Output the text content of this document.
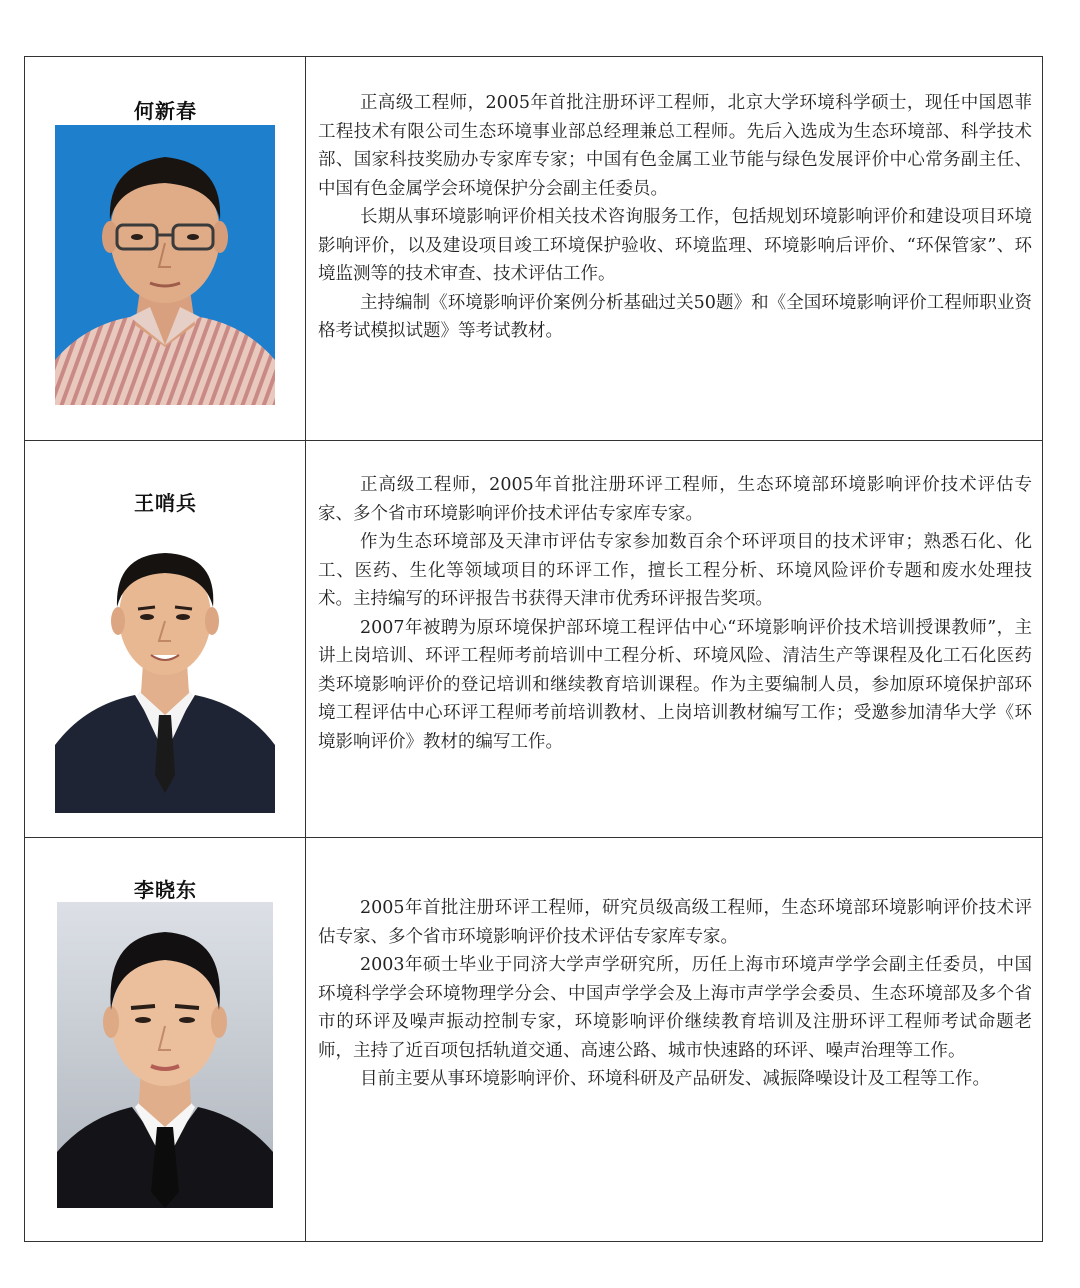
何新春	正高级工程师，2005年首批注册环评工程师，北京大学环境科学硕士，现任中国恩菲工程技术有限公司生态环境事业部总经理兼总工程师。先后入选成为生态环境部、科学技术部、国家科技奖励办专家库专家；中国有色金属工业节能与绿色发展评价中心常务副主任、中国有色金属学会环境保护分会副主任委员。

长期从事环境影响评价相关技术咨询服务工作，包括规划环境影响评价和建设项目环境影响评价，以及建设项目竣工环境保护验收、环境监理、环境影响后评价、“环保管家”、环境监测等的技术审查、技术评估工作。

主持编制《环境影响评价案例分析基础过关50题》和《全国环境影响评价工程师职业资格考试模拟试题》等考试教材。

王哨兵	正高级工程师，2005年首批注册环评工程师，生态环境部环境影响评价技术评估专家、多个省市环境影响评价技术评估专家库专家。

作为生态环境部及天津市评估专家参加数百余个环评项目的技术评审；熟悉石化、化工、医药、生化等领域项目的环评工作，擅长工程分析、环境风险评价专题和废水处理技术。主持编写的环评报告书获得天津市优秀环评报告奖项。

2007年被聘为原环境保护部环境工程评估中心“环境影响评价技术培训授课教师”，主讲上岗培训、环评工程师考前培训中工程分析、环境风险、清洁生产等课程及化工石化医药类环境影响评价的登记培训和继续教育培训课程。作为主要编制人员，参加原环境保护部环境工程评估中心环评工程师考前培训教材、上岗培训教材编写工作；受邀参加清华大学《环境影响评价》教材的编写工作。

李晓东	2005年首批注册环评工程师，研究员级高级工程师，生态环境部环境影响评价技术评估专家、多个省市环境影响评价技术评估专家库专家。

2003年硕士毕业于同济大学声学研究所，历任上海市环境声学学会副主任委员，中国环境科学学会环境物理学分会、中国声学学会及上海市声学学会委员、生态环境部及多个省市的环评及噪声振动控制专家，环境影响评价继续教育培训及注册环评工程师考试命题老师，主持了近百项包括轨道交通、高速公路、城市快速路的环评、噪声治理等工作。

目前主要从事环境影响评价、环境科研及产品研发、减振降噪设计及工程等工作。
